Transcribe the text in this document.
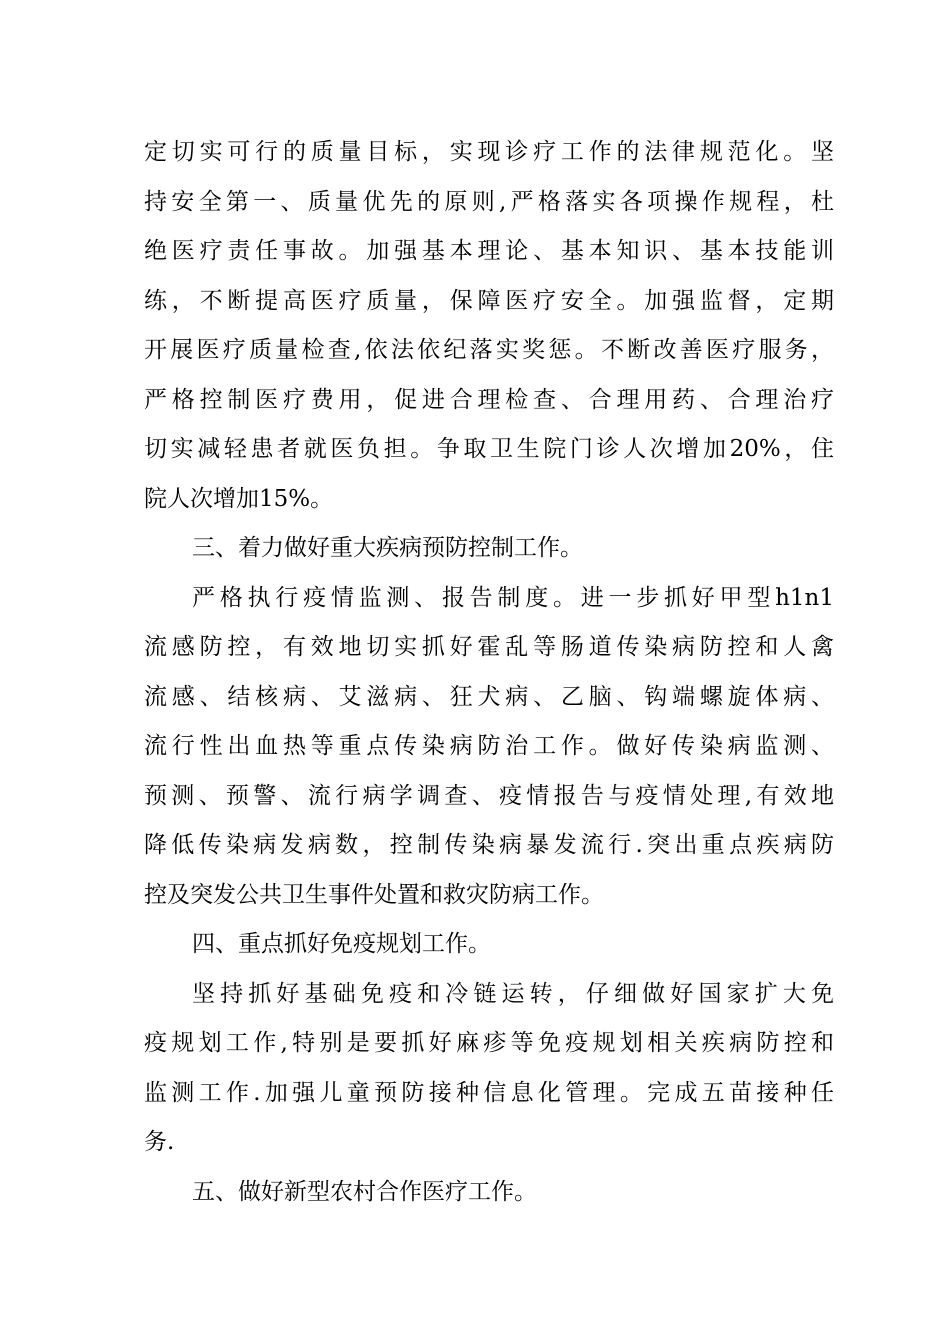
定切实可行的质量目标，实现诊疗工作的法律规范化。坚
持安全第一、质量优先的原则,严格落实各项操作规程，杜
绝医疗责任事故。加强基本理论、基本知识、基本技能训
练，不断提高医疗质量，保障医疗安全。加强监督，定期
开展医疗质量检查,依法依纪落实奖惩。不断改善医疗服务，
严格控制医疗费用，促进合理检查、合理用药、合理治疗
切实减轻患者就医负担。争取卫生院门诊人次增加20%，住
院人次增加15%。
三、着力做好重大疾病预防控制工作。
严格执行疫情监测、报告制度。进一步抓好甲型h1n1
流感防控，有效地切实抓好霍乱等肠道传染病防控和人禽
流感、结核病、艾滋病、狂犬病、乙脑、钩端螺旋体病、
流行性出血热等重点传染病防治工作。做好传染病监测、
预测、预警、流行病学调查、疫情报告与疫情处理,有效地
降低传染病发病数，控制传染病暴发流行.突出重点疾病防
控及突发公共卫生事件处置和救灾防病工作。
四、重点抓好免疫规划工作。
坚持抓好基础免疫和冷链运转，仔细做好国家扩大免
疫规划工作,特别是要抓好麻疹等免疫规划相关疾病防控和
监测工作.加强儿童预防接种信息化管理。完成五苗接种任
务.
五、做好新型农村合作医疗工作。
